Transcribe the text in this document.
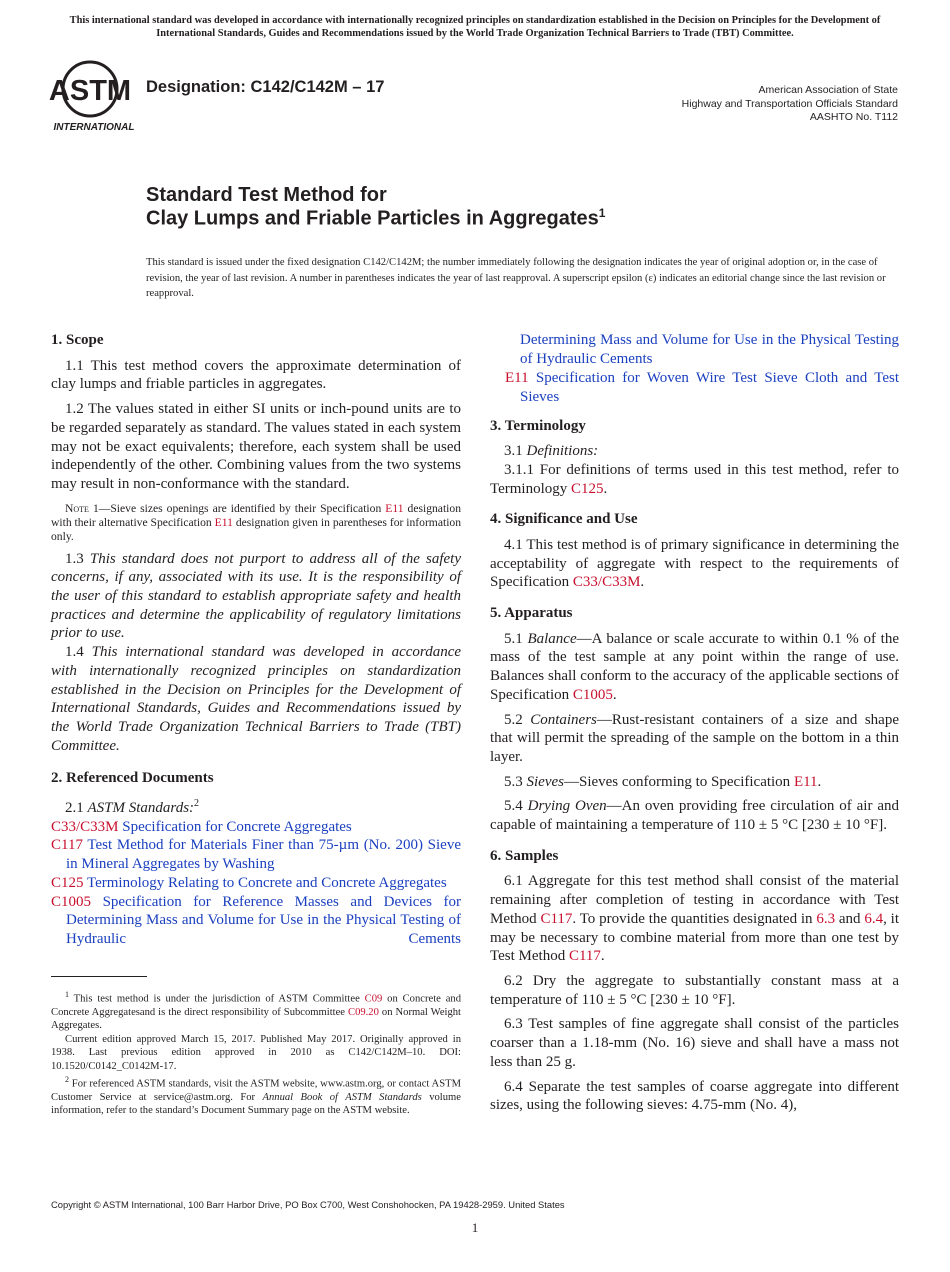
This international standard was developed in accordance with internationally recognized principles on standardization established in the Decision on Principles for the Development of International Standards, Guides and Recommendations issued by the World Trade Organization Technical Barriers to Trade (TBT) Committee.
ASTM
INTERNATIONAL
Designation: C142/C142M – 17	American Association of State
Highway and Transportation Officials Standard
AASHTO No. T112
Standard Test Method for
Clay Lumps and Friable Particles in Aggregates$^1$
This standard is issued under the fixed designation C142/C142M; the number immediately following the designation indicates the year of original adoption or, in the case of revision, the year of last revision. A number in parentheses indicates the year of last reapproval. A superscript epsilon (ε) indicates an editorial change since the last revision or reapproval.

1. Scope

1.1 This test method covers the approximate determination of clay lumps and friable particles in aggregates.

1.2 The values stated in either SI units or inch-pound units are to be regarded separately as standard. The values stated in each system may not be exact equivalents; therefore, each system shall be used independently of the other. Combining values from the two systems may result in non-conformance with the standard.

Note 1—Sieve sizes openings are identified by their Specification E11 designation with their alternative Specification E11 designation given in parentheses for information only.

1.3 This standard does not purport to address all of the safety concerns, if any, associated with its use. It is the responsibility of the user of this standard to establish appropriate safety and health practices and determine the applicability of regulatory limitations prior to use.

1.4 This international standard was developed in accordance with internationally recognized principles on standardization established in the Decision on Principles for the Development of International Standards, Guides and Recommendations issued by the World Trade Organization Technical Barriers to Trade (TBT) Committee.

2. Referenced Documents

2.1 ASTM Standards:$^2$

C33/C33M Specification for Concrete Aggregates

C117 Test Method for Materials Finer than 75-µm (No. 200) Sieve in Mineral Aggregates by Washing

C125 Terminology Relating to Concrete and Concrete Aggregates

C1005 Specification for Reference Masses and Devices for Determining Mass and Volume for Use in the Physical Testing of Hydraulic Cements

$^1$ This test method is under the jurisdiction of ASTM Committee C09 on Concrete and Concrete Aggregatesand is the direct responsibility of Subcommittee C09.20 on Normal Weight Aggregates.

Current edition approved March 15, 2017. Published May 2017. Originally approved in 1938. Last previous edition approved in 2010 as C142/C142M–10. DOI: 10.1520/C0142_C0142M-17.

$^2$ For referenced ASTM standards, visit the ASTM website, www.astm.org, or contact ASTM Customer Service at service@astm.org. For Annual Book of ASTM Standards volume information, refer to the standard’s Document Summary page on the ASTM website.

Determining Mass and Volume for Use in the Physical Testing of Hydraulic Cements

E11 Specification for Woven Wire Test Sieve Cloth and Test Sieves

3. Terminology

3.1 Definitions:

3.1.1 For definitions of terms used in this test method, refer to Terminology C125.

4. Significance and Use

4.1 This test method is of primary significance in determining the acceptability of aggregate with respect to the requirements of Specification C33/C33M.

5. Apparatus

5.1 Balance—A balance or scale accurate to within 0.1 % of the mass of the test sample at any point within the range of use. Balances shall conform to the accuracy of the applicable sections of Specification C1005.

5.2 Containers—Rust-resistant containers of a size and shape that will permit the spreading of the sample on the bottom in a thin layer.

5.3 Sieves—Sieves conforming to Specification E11.

5.4 Drying Oven—An oven providing free circulation of air and capable of maintaining a temperature of 110 ± 5 °C [230 ± 10 °F].

6. Samples

6.1 Aggregate for this test method shall consist of the material remaining after completion of testing in accordance with Test Method C117. To provide the quantities designated in 6.3 and 6.4, it may be necessary to combine material from more than one test by Test Method C117.

6.2 Dry the aggregate to substantially constant mass at a temperature of 110 ± 5 °C [230 ± 10 °F].

6.3 Test samples of fine aggregate shall consist of the particles coarser than a 1.18-mm (No. 16) sieve and shall have a mass not less than 25 g.

6.4 Separate the test samples of coarse aggregate into different sizes, using the following sieves: 4.75-mm (No. 4),

Copyright © ASTM International, 100 Barr Harbor Drive, PO Box C700, West Conshohocken, PA 19428-2959. United States
1
